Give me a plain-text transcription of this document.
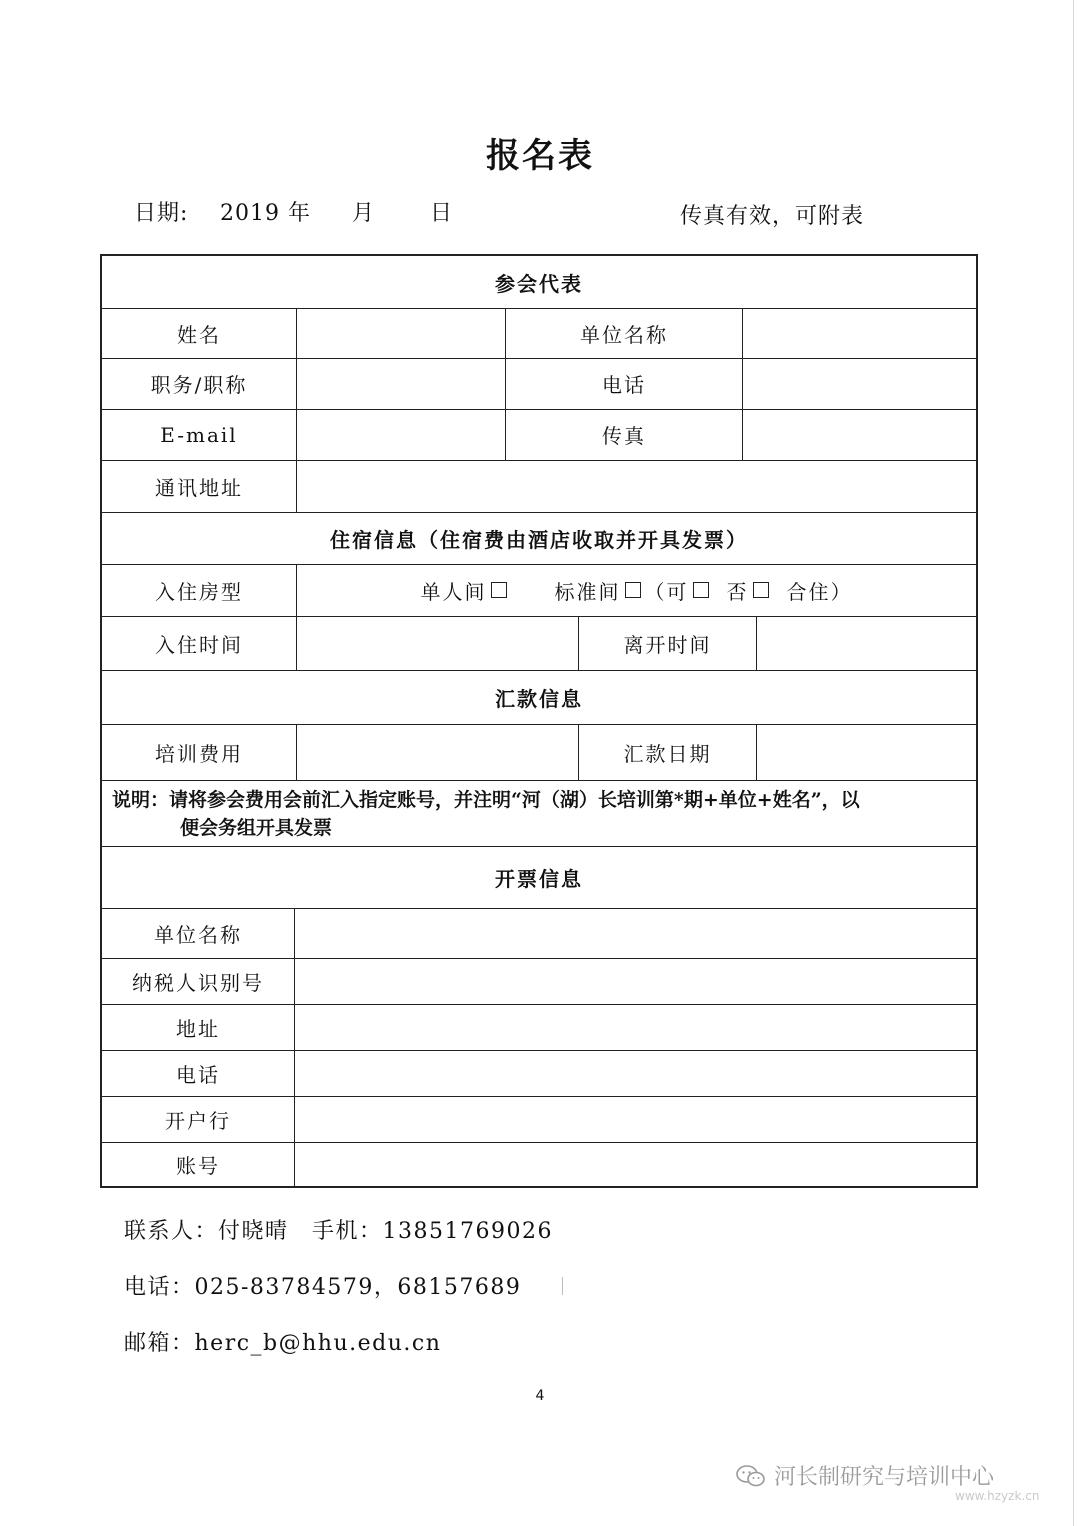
报名表
日期: 2019 年 月 日	传真有效，可附表
参会代表
姓名	单位名称
职务/职称	电话
E-mail	传真
通讯地址
住宿信息（住宿费由酒店收取并开具发票）
入住房型	单人间	标准间 （可 否 合住）
入住时间	离开时间
汇款信息
培训费用	汇款日期
说明：请将参会费用会前汇入指定账号，并注明“河（湖）长培训第*期+单位+姓名”，以
便会务组开具发票
开票信息
单位名称
纳税人识别号
地址
电话
开户行
账号
联系人：付晓晴　手机：13851769026
电话：025-83784579，68157689
邮箱：herc_b@hhu.edu.cn
4
河长制研究与培训中心
www.hzyzk.cn
